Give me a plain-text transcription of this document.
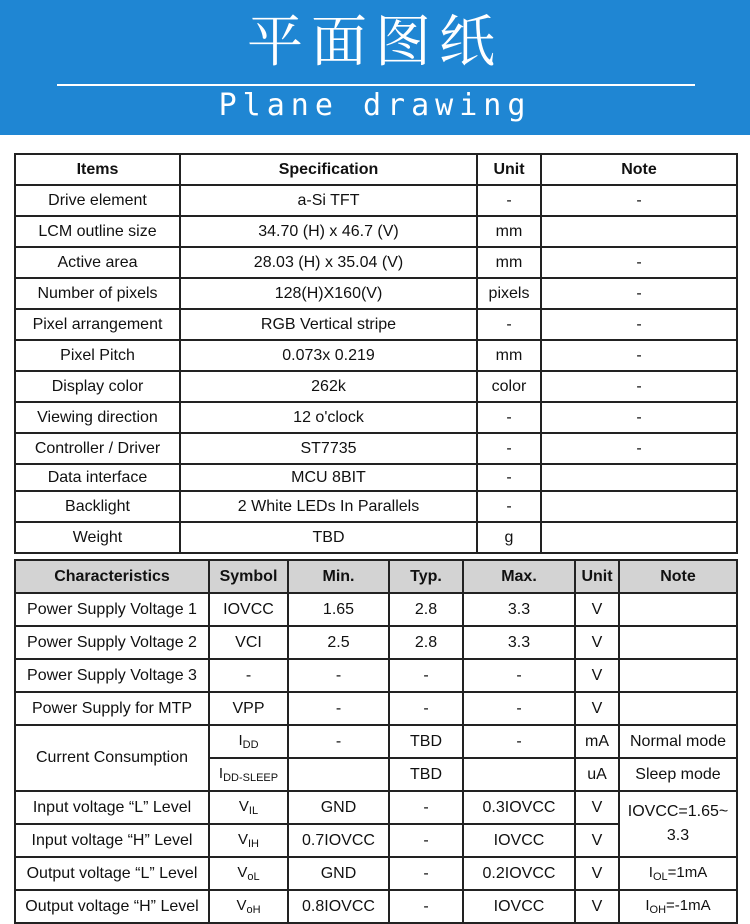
平面图纸
Plane drawing
Items	Specification	Unit	Note
Drive element	a-Si TFT	-	-
LCM outline size	34.70 (H) x 46.7 (V)	mm	
Active area	28.03 (H) x 35.04 (V)	mm	-
Number of pixels	128(H)X160(V)	pixels	-
Pixel arrangement	RGB Vertical stripe	-	-
Pixel Pitch	0.073x 0.219	mm	-
Display color	262k	color	-
Viewing direction	12 o'clock	-	-
Controller / Driver	ST7735	-	-
Data interface	MCU 8BIT	-	
Backlight	2 White LEDs In Parallels	-	
Weight	TBD	g	
Characteristics	Symbol	Min.	Typ.	Max.	Unit	Note
Power Supply Voltage 1	IOVCC	1.65	2.8	3.3	V	
Power Supply Voltage 2	VCI	2.5	2.8	3.3	V	
Power Supply Voltage 3	-	-	-	-	V	
Power Supply for MTP	VPP	-	-	-	V	
Current Consumption	$I_{DD}$	-	TBD	-	mA	Normal mode
	$I_{DD-SLEEP}$		TBD		uA	Sleep mode
Input voltage “L” Level	$V_{IL}$	GND	-	0.3IOVCC	V	IOVCC=1.65~
3.3
Input voltage “H” Level	$V_{IH}$	0.7IOVCC	-	IOVCC	V	
Output voltage “L” Level	$V_{oL}$	GND	-	0.2IOVCC	V	$I_{OL}=1mA$
Output voltage “H” Level	$V_{oH}$	0.8IOVCC	-	IOVCC	V	$I_{OH}=-1mA$
